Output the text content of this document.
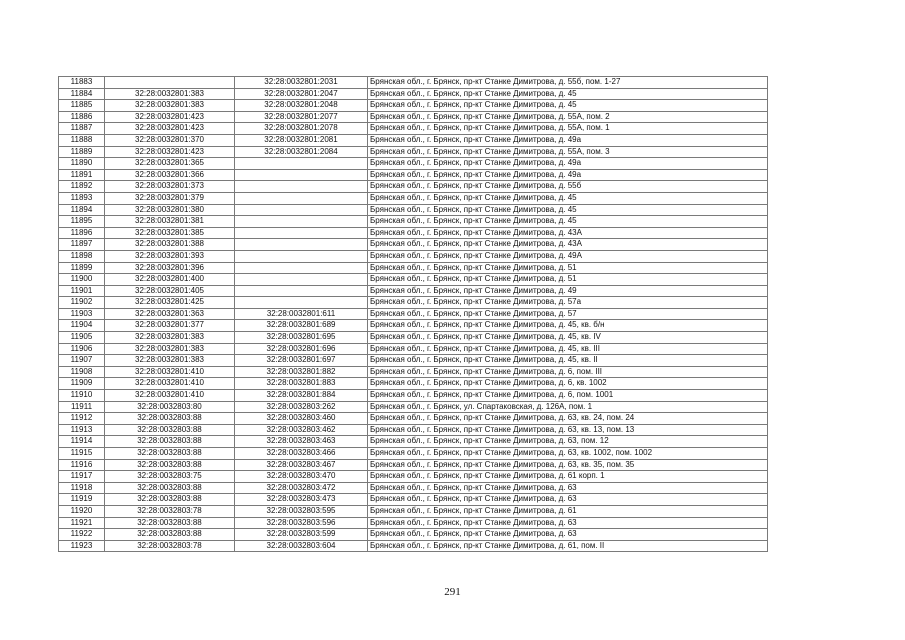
11883		32:28:0032801:2031	Брянская обл., г. Брянск, пр-кт Станке Димитрова, д. 55б, пом. 1-27
11884	32:28:0032801:383	32:28:0032801:2047	Брянская обл., г. Брянск, пр-кт Станке Димитрова, д. 45
11885	32:28:0032801:383	32:28:0032801:2048	Брянская обл., г. Брянск, пр-кт Станке Димитрова, д. 45
11886	32:28:0032801:423	32:28:0032801:2077	Брянская обл., г. Брянск, пр-кт Станке Димитрова, д. 55А, пом. 2
11887	32:28:0032801:423	32:28:0032801:2078	Брянская обл., г. Брянск, пр-кт Станке Димитрова, д. 55А, пом. 1
11888	32:28:0032801:370	32:28:0032801:2081	Брянская обл., г. Брянск, пр-кт Станке Димитрова, д. 49а
11889	32:28:0032801:423	32:28:0032801:2084	Брянская обл., г. Брянск, пр-кт Станке Димитрова, д. 55А, пом. 3
11890	32:28:0032801:365		Брянская обл., г. Брянск, пр-кт Станке Димитрова, д. 49а
11891	32:28:0032801:366		Брянская обл., г. Брянск, пр-кт Станке Димитрова, д. 49а
11892	32:28:0032801:373		Брянская обл., г. Брянск, пр-кт Станке Димитрова, д. 55б
11893	32:28:0032801:379		Брянская обл., г. Брянск, пр-кт Станке Димитрова, д. 45
11894	32:28:0032801:380		Брянская обл., г. Брянск, пр-кт Станке Димитрова, д. 45
11895	32:28:0032801:381		Брянская обл., г. Брянск, пр-кт Станке Димитрова, д. 45
11896	32:28:0032801:385		Брянская обл., г. Брянск, пр-кт Станке Димитрова, д. 43А
11897	32:28:0032801:388		Брянская обл., г. Брянск, пр-кт Станке Димитрова, д. 43А
11898	32:28:0032801:393		Брянская обл., г. Брянск, пр-кт Станке Димитрова, д. 49А
11899	32:28:0032801:396		Брянская обл., г. Брянск, пр-кт Станке Димитрова, д. 51
11900	32:28:0032801:400		Брянская обл., г. Брянск, пр-кт Станке Димитрова, д. 51
11901	32:28:0032801:405		Брянская обл., г. Брянск, пр-кт Станке Димитрова, д. 49
11902	32:28:0032801:425		Брянская обл., г. Брянск, пр-кт Станке Димитрова, д. 57а
11903	32:28:0032801:363	32:28:0032801:611	Брянская обл., г. Брянск, пр-кт Станке Димитрова, д. 57
11904	32:28:0032801:377	32:28:0032801:689	Брянская обл., г. Брянск, пр-кт Станке Димитрова, д. 45, кв. б/н
11905	32:28:0032801:383	32:28:0032801:695	Брянская обл., г. Брянск, пр-кт Станке Димитрова, д. 45, кв. IV
11906	32:28:0032801:383	32:28:0032801:696	Брянская обл., г. Брянск, пр-кт Станке Димитрова, д. 45, кв. III
11907	32:28:0032801:383	32:28:0032801:697	Брянская обл., г. Брянск, пр-кт Станке Димитрова, д. 45, кв. II
11908	32:28:0032801:410	32:28:0032801:882	Брянская обл., г. Брянск, пр-кт Станке Димитрова, д. 6, пом. III
11909	32:28:0032801:410	32:28:0032801:883	Брянская обл., г. Брянск, пр-кт Станке Димитрова, д. 6, кв. 1002
11910	32:28:0032801:410	32:28:0032801:884	Брянская обл., г. Брянск, пр-кт Станке Димитрова, д. 6, пом. 1001
11911	32:28:0032803:80	32:28:0032803:262	Брянская обл., г. Брянск, ул. Спартаковская, д. 126А, пом. 1
11912	32:28:0032803:88	32:28:0032803:460	Брянская обл., г. Брянск, пр-кт Станке Димитрова, д. 63, кв. 24, пом. 24
11913	32:28:0032803:88	32:28:0032803:462	Брянская обл., г. Брянск, пр-кт Станке Димитрова, д. 63, кв. 13, пом. 13
11914	32:28:0032803:88	32:28:0032803:463	Брянская обл., г. Брянск, пр-кт Станке Димитрова, д. 63, пом. 12
11915	32:28:0032803:88	32:28:0032803:466	Брянская обл., г. Брянск, пр-кт Станке Димитрова, д. 63, кв. 1002, пом. 1002
11916	32:28:0032803:88	32:28:0032803:467	Брянская обл., г. Брянск, пр-кт Станке Димитрова, д. 63, кв. 35, пом. 35
11917	32:28:0032803:75	32:28:0032803:470	Брянская обл., г. Брянск, пр-кт Станке Димитрова, д. 61 корп. 1
11918	32:28:0032803:88	32:28:0032803:472	Брянская обл., г. Брянск, пр-кт Станке Димитрова, д. 63
11919	32:28:0032803:88	32:28:0032803:473	Брянская обл., г. Брянск, пр-кт Станке Димитрова, д. 63
11920	32:28:0032803:78	32:28:0032803:595	Брянская обл., г. Брянск, пр-кт Станке Димитрова, д. 61
11921	32:28:0032803:88	32:28:0032803:596	Брянская обл., г. Брянск, пр-кт Станке Димитрова, д. 63
11922	32:28:0032803:88	32:28:0032803:599	Брянская обл., г. Брянск, пр-кт Станке Димитрова, д. 63
11923	32:28:0032803:78	32:28:0032803:604	Брянская обл., г. Брянск, пр-кт Станке Димитрова, д. 61, пом. II
291
